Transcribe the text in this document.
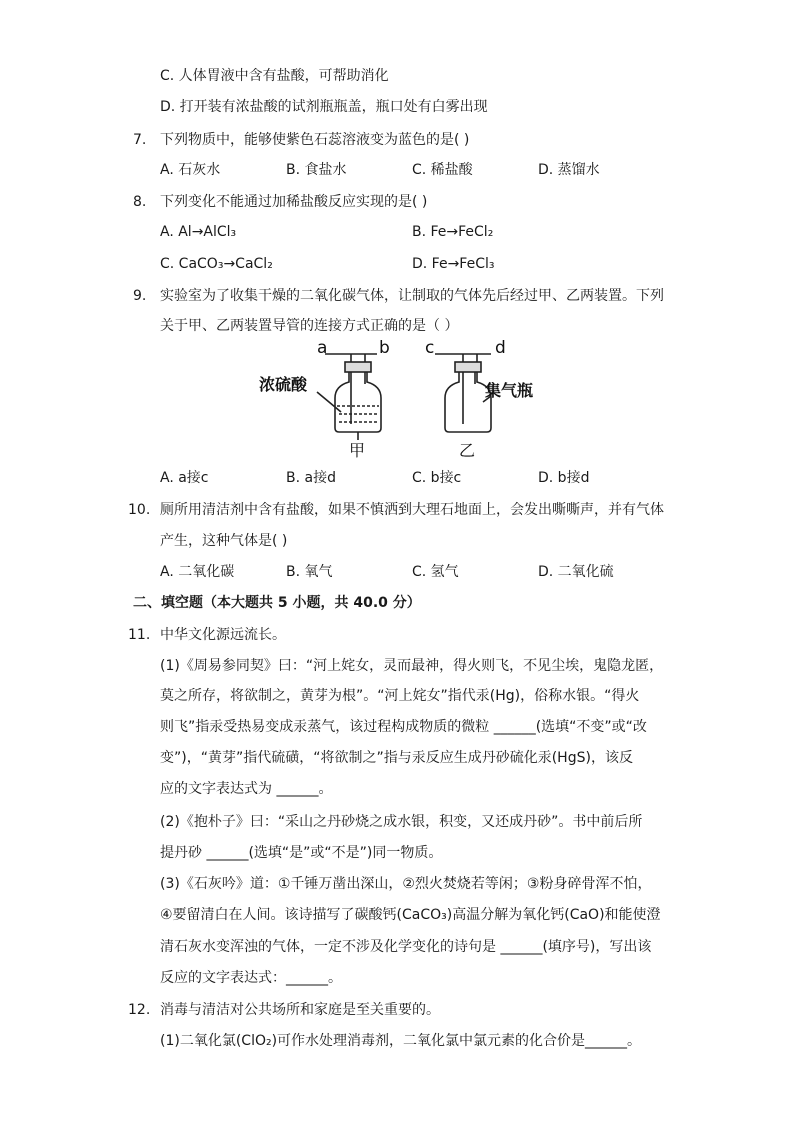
C. 人体胃液中含有盐酸，可帮助消化
D. 打开装有浓盐酸的试剂瓶瓶盖，瓶口处有白雾出现
7. 下列物质中，能够使紫色石蕊溶液变为蓝色的是( )
A. 石灰水	B. 食盐水	C. 稀盐酸	D. 蒸馏水
8. 下列变化不能通过加稀盐酸反应实现的是( )
A. Al→AlCl₃	B. Fe→FeCl₂
C. CaCO₃→CaCl₂	D. Fe→FeCl₃
9. 实验室为了收集干燥的二氧化碳气体，让制取的气体先后经过甲、乙两装置。下列
关于甲、乙两装置导管的连接方式正确的是（ ）
a	b
浓硫酸
甲
c	d
集气瓶
乙
A. a接c	B. a接d	C. b接c	D. b接d
10. 厕所用清洁剂中含有盐酸，如果不慎洒到大理石地面上，会发出嘶嘶声，并有气体
产生，这种气体是( )
A. 二氧化碳	B. 氧气	C. 氢气	D. 二氧化硫
二、填空题（本大题共 5 小题，共 40.0 分）
11. 中华文化源远流长。
(1)《周易参同契》曰：“河上姹女，灵而最神，得火则飞，不见尘埃，鬼隐龙匿，
莫之所存，将欲制之，黄芽为根”。“河上姹女”指代汞(Hg)，俗称水银。“得火
则飞”指汞受热易变成汞蒸气，该过程构成物质的微粒 ______(选填“不变”或“改
变”)，“黄芽”指代硫磺，“将欲制之”指与汞反应生成丹砂硫化汞(HgS)，该反
应的文字表达式为 ______。
(2)《抱朴子》曰：“采山之丹砂烧之成水银，积变，又还成丹砂”。书中前后所
提丹砂 ______(选填“是”或“不是”)同一物质。
(3)《石灰吟》道：①千锤万凿出深山，②烈火焚烧若等闲；③粉身碎骨浑不怕，
④要留清白在人间。该诗描写了碳酸钙(CaCO₃)高温分解为氧化钙(CaO)和能使澄
清石灰水变浑浊的气体，一定不涉及化学变化的诗句是 ______(填序号)，写出该
反应的文字表达式：______。
12. 消毒与清洁对公共场所和家庭是至关重要的。
(1)二氧化氯(ClO₂)可作水处理消毒剂，二氧化氯中氯元素的化合价是______。
